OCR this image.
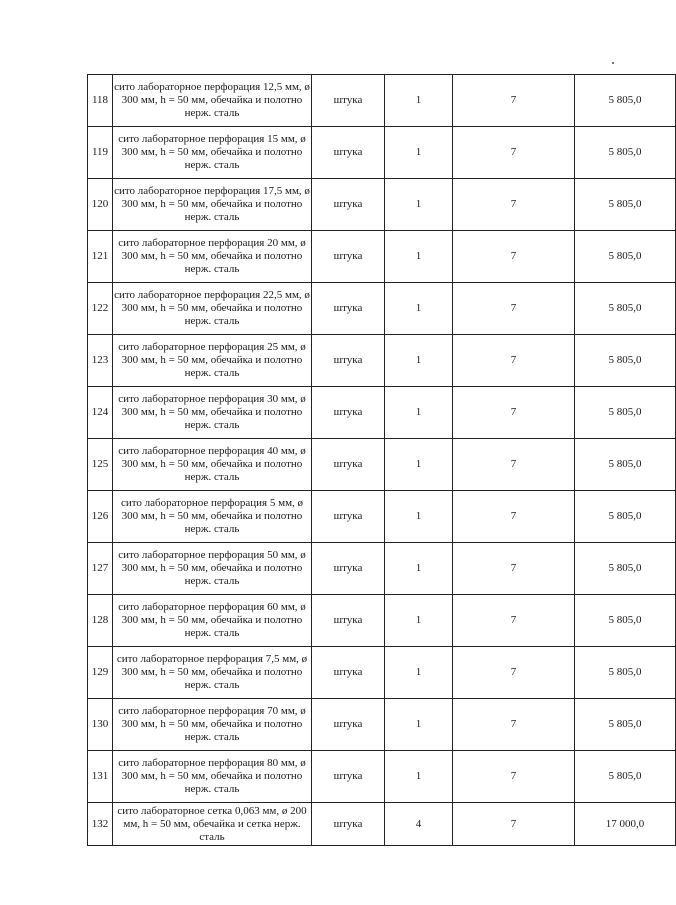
118	сито лабораторное перфорация 12,5 мм, ø 300 мм, h = 50 мм, обечайка и полотно нерж. сталь	штука	1	7	5 805,0
119	сито лабораторное перфорация 15 мм, ø 300 мм, h = 50 мм, обечайка и полотно нерж. сталь	штука	1	7	5 805,0
120	сито лабораторное перфорация 17,5 мм, ø 300 мм, h = 50 мм, обечайка и полотно нерж. сталь	штука	1	7	5 805,0
121	сито лабораторное перфорация 20 мм, ø 300 мм, h = 50 мм, обечайка и полотно нерж. сталь	штука	1	7	5 805,0
122	сито лабораторное перфорация 22,5 мм, ø 300 мм, h = 50 мм, обечайка и полотно нерж. сталь	штука	1	7	5 805,0
123	сито лабораторное перфорация 25 мм, ø 300 мм, h = 50 мм, обечайка и полотно нерж. сталь	штука	1	7	5 805,0
124	сито лабораторное перфорация 30 мм, ø 300 мм, h = 50 мм, обечайка и полотно нерж. сталь	штука	1	7	5 805,0
125	сито лабораторное перфорация 40 мм, ø 300 мм, h = 50 мм, обечайка и полотно нерж. сталь	штука	1	7	5 805,0
126	сито лабораторное перфорация 5 мм, ø 300 мм, h = 50 мм, обечайка и полотно нерж. сталь	штука	1	7	5 805,0
127	сито лабораторное перфорация 50 мм, ø 300 мм, h = 50 мм, обечайка и полотно нерж. сталь	штука	1	7	5 805,0
128	сито лабораторное перфорация 60 мм, ø 300 мм, h = 50 мм, обечайка и полотно нерж. сталь	штука	1	7	5 805,0
129	сито лабораторное перфорация 7,5 мм, ø 300 мм, h = 50 мм, обечайка и полотно нерж. сталь	штука	1	7	5 805,0
130	сито лабораторное перфорация 70 мм, ø 300 мм, h = 50 мм, обечайка и полотно нерж. сталь	штука	1	7	5 805,0
131	сито лабораторное перфорация 80 мм, ø 300 мм, h = 50 мм, обечайка и полотно нерж. сталь	штука	1	7	5 805,0
132	сито лабораторное сетка 0,063 мм, ø 200 мм, h = 50 мм, обечайка и сетка нерж. сталь	штука	4	7	17 000,0
